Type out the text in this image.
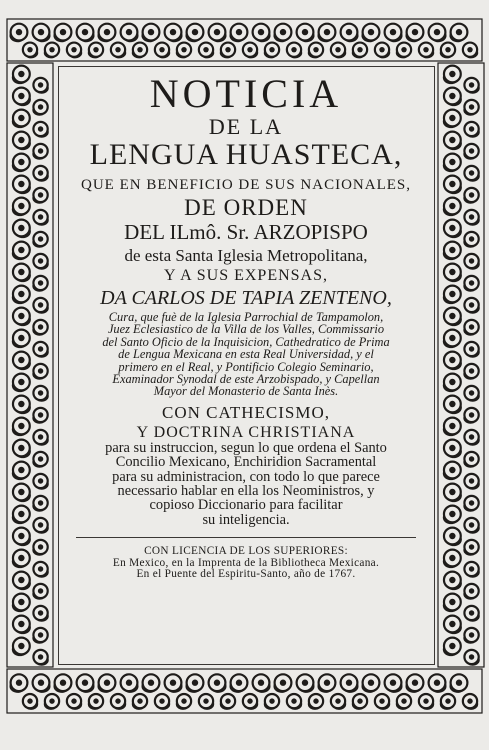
NOTICIA
DE LA
LENGUA HUASTECA,
QUE EN BENEFICIO DE SUS NACIONALES,
DE ORDEN
DEL ILmô. Sr. ARZOPISPO
de esta Santa Iglesia Metropolitana,
Y A SUS EXPENSAS,
DA CARLOS DE TAPIA ZENTENO,
Cura, que fuè de la Iglesia Parrochial de Tampamolon,
Juez Eclesiastico de la Villa de los Valles, Commissario
del Santo Oficio de la Inquisicion, Cathedratico de Prima
de Lengua Mexicana en esta Real Universidad, y el
primero en el Real, y Pontificio Colegio Seminario,
Examinador Synodal de este Arzobispado, y Capellan
Mayor del Monasterio de Santa Inès.
CON CATHECISMO,
Y DOCTRINA CHRISTIANA
para su instruccion, segun lo que ordena el Santo
Concilio Mexicano, Enchiridion Sacramental
para su administracion, con todo lo que parece
necessario hablar en ella los Neoministros, y
copioso Diccionario para facilitar
su inteligencia.
CON LICENCIA DE LOS SUPERIORES:
En Mexico, en la Imprenta de la Bibliotheca Mexicana.
En el Puente del Espiritu-Santo, año de 1767.
